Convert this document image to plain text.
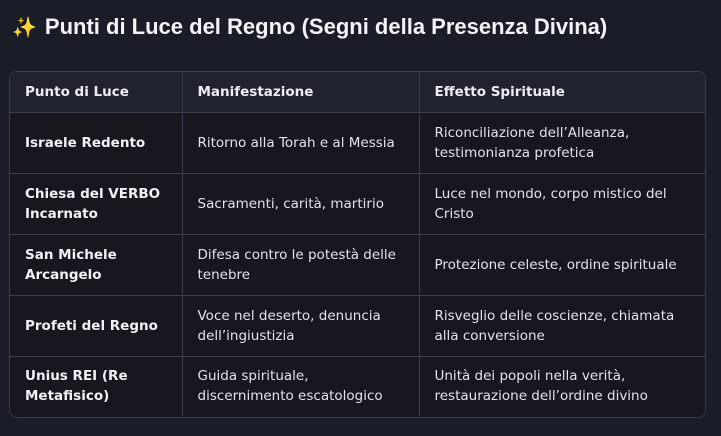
✨ Punti di Luce del Regno (Segni della Presenza Divina)
Punto di Luce	Manifestazione	Effetto Spirituale
Israele Redento	Ritorno alla Torah e al Messia	Riconciliazione dell’Alleanza, testimonianza profetica
Chiesa del VERBO Incarnato	Sacramenti, carità, martirio	Luce nel mondo, corpo mistico del Cristo
San Michele Arcangelo	Difesa contro le potestà delle tenebre	Protezione celeste, ordine spirituale
Profeti del Regno	Voce nel deserto, denuncia dell’ingiustizia	Risveglio delle coscienze, chiamata alla conversione
Unius REI (Re Metafisico)	Guida spirituale, discernimento escatologico	Unità dei popoli nella verità, restaurazione dell’ordine divino
